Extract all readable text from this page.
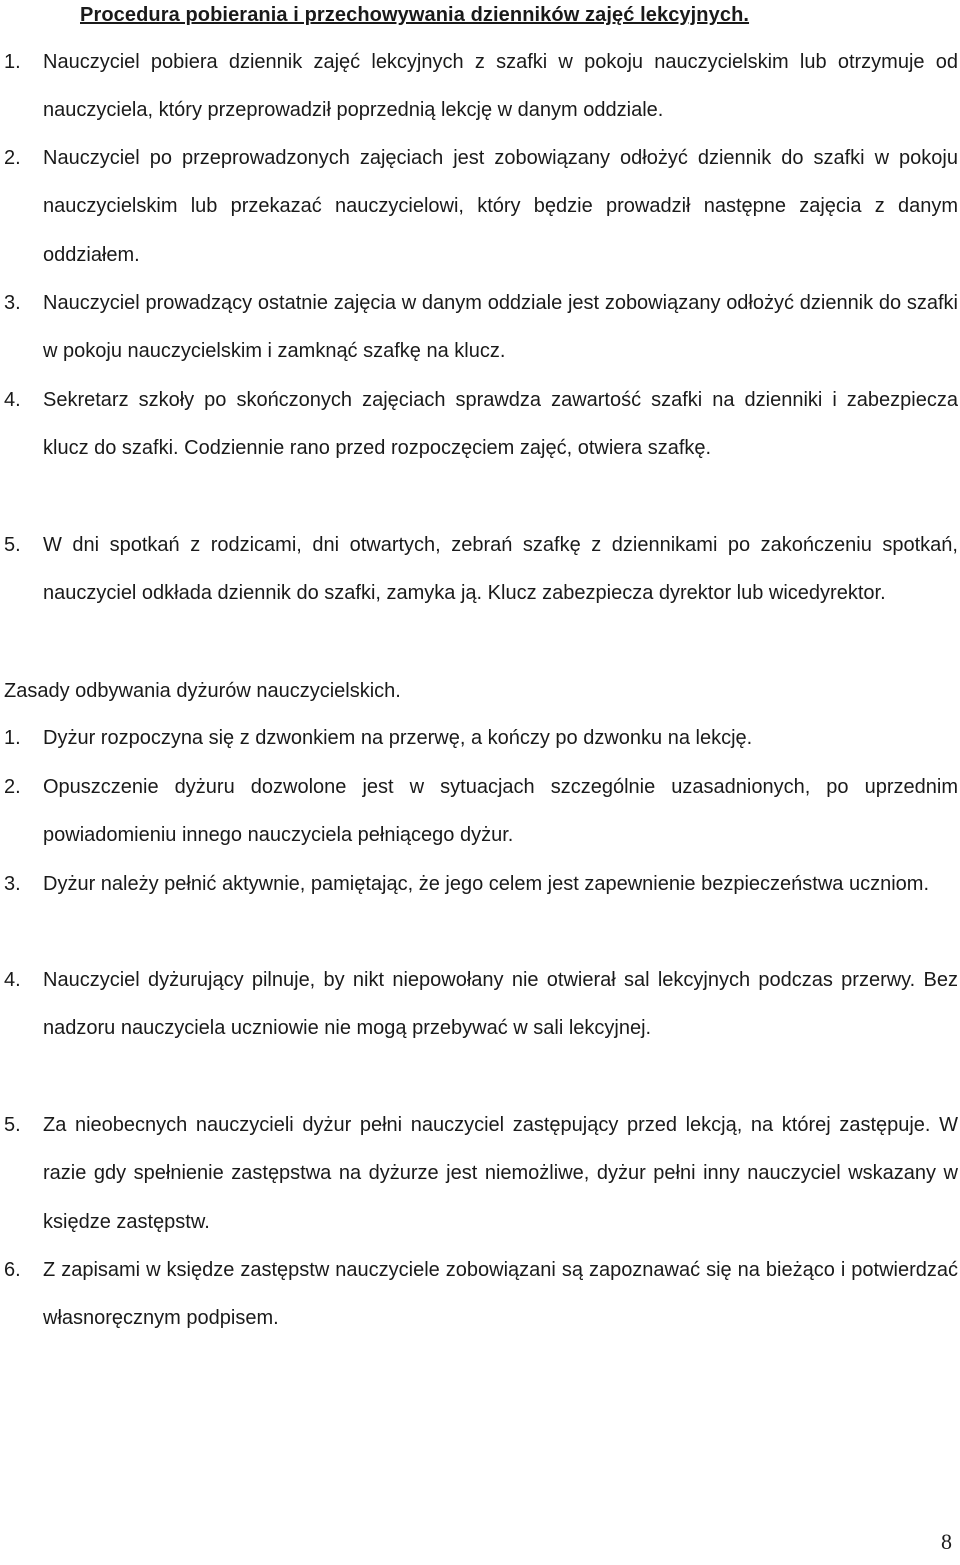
Procedura pobierania i przechowywania dzienników zajęć lekcyjnych.
1.	Nauczyciel pobiera dziennik zajęć lekcyjnych z szafki w pokoju nauczycielskim lub otrzymuje od nauczyciela, który przeprowadził poprzednią lekcję w danym oddziale.
2.	Nauczyciel po przeprowadzonych zajęciach jest zobowiązany odłożyć dziennik do szafki w pokoju nauczycielskim lub przekazać nauczycielowi, który będzie prowadził następne zajęcia z danym oddziałem.
3.	Nauczyciel prowadzący ostatnie zajęcia w danym oddziale jest zobowiązany odłożyć dziennik do szafki w pokoju nauczycielskim i zamknąć szafkę na klucz.
4.	Sekretarz szkoły po skończonych zajęciach sprawdza zawartość szafki na dzienniki i zabezpiecza klucz do szafki. Codziennie rano przed rozpoczęciem zajęć, otwiera szafkę.
5.	W dni spotkań z rodzicami, dni otwartych, zebrań szafkę z dziennikami po zakończeniu spotkań, nauczyciel odkłada dziennik do szafki, zamyka ją. Klucz zabezpiecza dyrektor lub wicedyrektor.
Zasady odbywania dyżurów nauczycielskich.
1.	Dyżur rozpoczyna się z dzwonkiem na przerwę, a kończy po dzwonku na lekcję.
2.	Opuszczenie dyżuru dozwolone jest w sytuacjach szczególnie uzasadnionych, po uprzednim powiadomieniu innego nauczyciela pełniącego dyżur.
3.	Dyżur należy pełnić aktywnie, pamiętając, że jego celem jest zapewnienie bezpieczeństwa uczniom.
4.	Nauczyciel dyżurujący pilnuje, by nikt niepowołany nie otwierał sal lekcyjnych podczas przerwy. Bez nadzoru nauczyciela uczniowie nie mogą przebywać w sali lekcyjnej.
5.	Za nieobecnych nauczycieli dyżur pełni nauczyciel zastępujący przed lekcją, na której zastępuje. W razie gdy spełnienie zastępstwa na dyżurze jest niemożliwe, dyżur pełni inny nauczyciel wskazany w księdze zastępstw.
6.	Z zapisami w księdze zastępstw nauczyciele zobowiązani są zapoznawać się na bieżąco i potwierdzać własnoręcznym podpisem.
8
